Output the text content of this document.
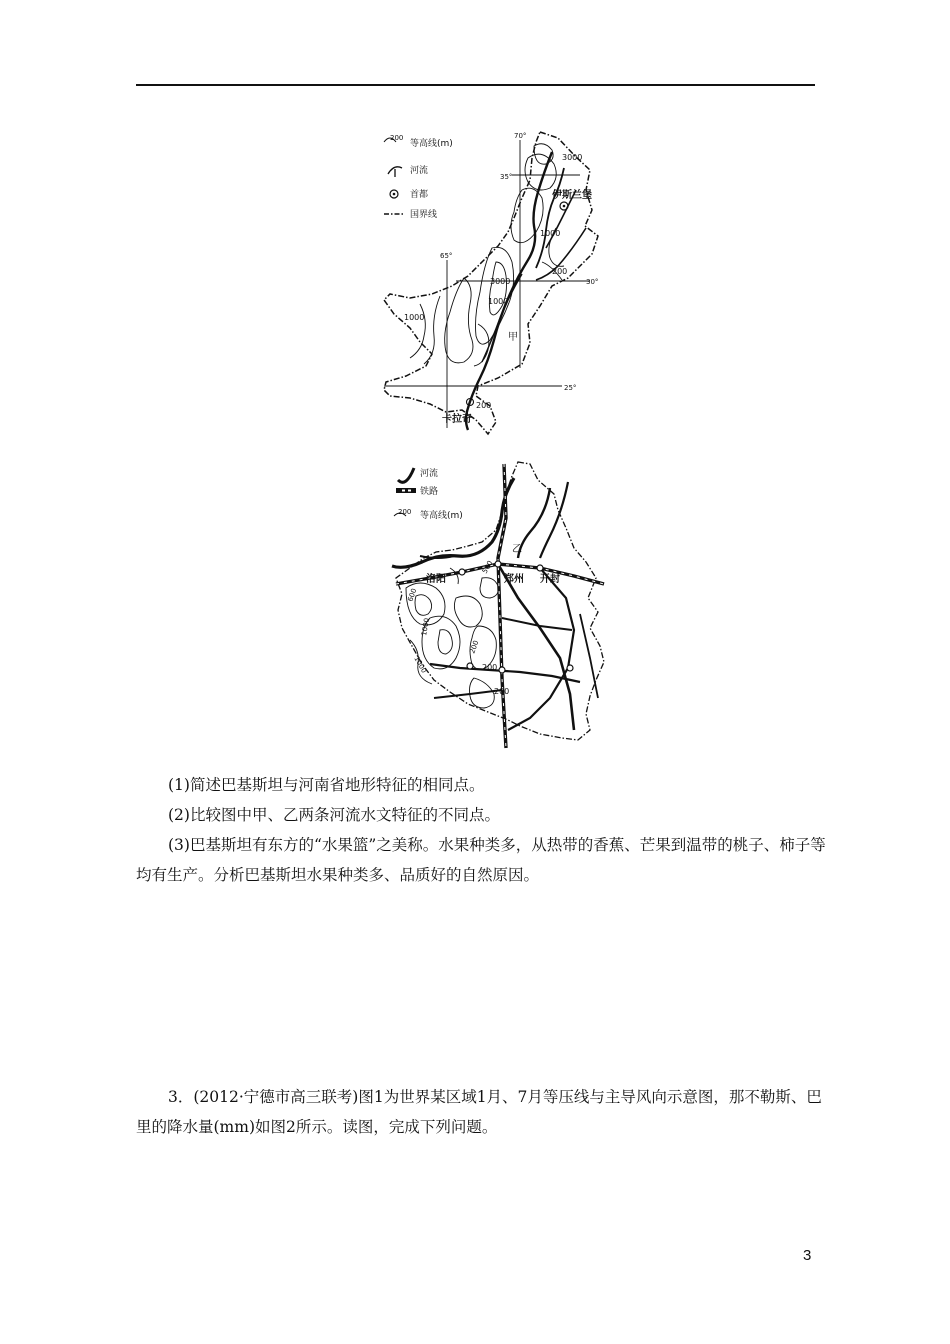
200
等高线(m)
河流
首都
国界线
70°
65°
35°
30°
25°
3000
伊斯兰堡
1000
200
3000
1000
1000
甲
200
卡拉奇
河流
铁路
200 等高线(m)
乙
洛阳	郑州 开封
500
600
1000
1000
200
200
200
(1)简述巴基斯坦与河南省地形特征的相同点。
(2)比较图中甲、乙两条河流水文特征的不同点。
(3)巴基斯坦有东方的“水果篮”之美称。水果种类多，从热带的香蕉、芒果到温带的桃子、柿子等均有生产。分析巴基斯坦水果种类多、品质好的自然原因。
3．(2012·宁德市高三联考)图1为世界某区域1月、7月等压线与主导风向示意图，那不勒斯、巴里的降水量(mm)如图2所示。读图，完成下列问题。
3
